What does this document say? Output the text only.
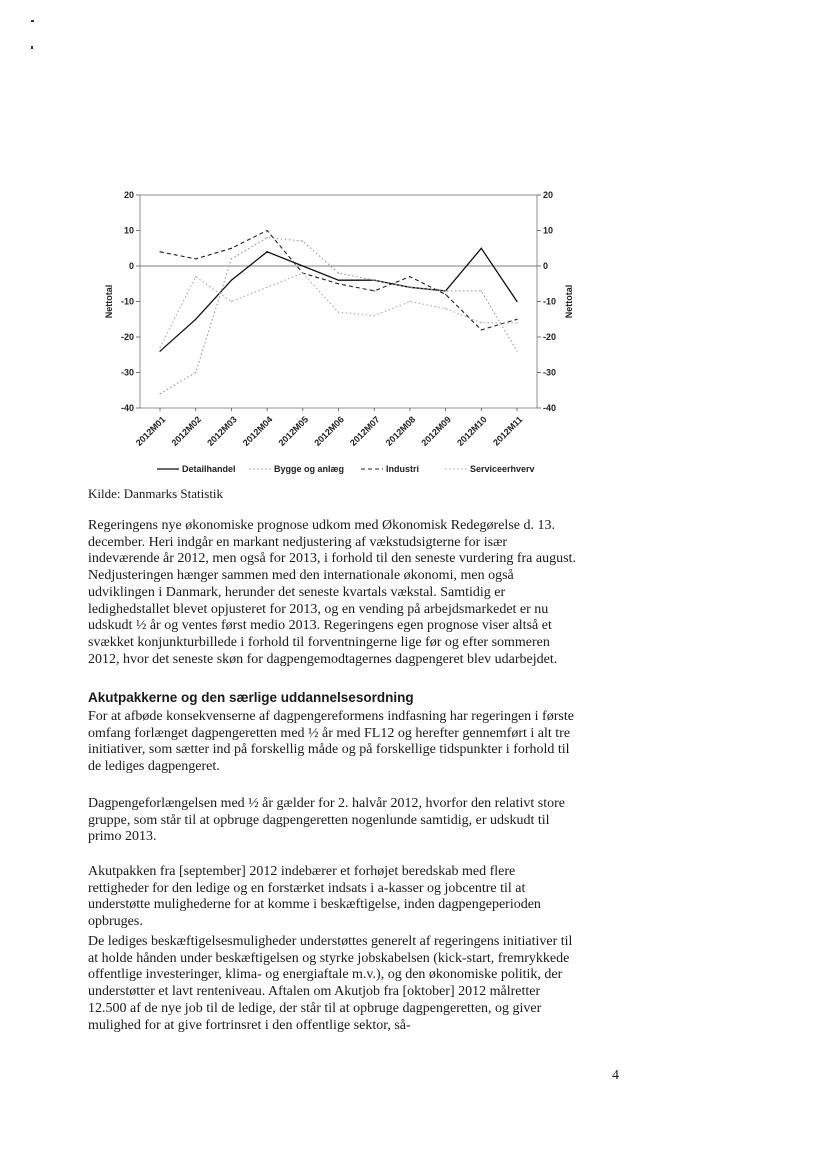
20	20
10	10
0	0
-10	-10
-20	-20
-30	-30
-40	-40
Nettotal	Nettotal
2012M01 2012M02 2012M03 2012M04 2012M05 2012M06 2012M07 2012M08 2012M09 2012M10 2012M11
Detailhandel	Bygge og anlæg	Industri	Serviceerhverv

Kilde: Danmarks Statistik

Regeringens nye økonomiske prognose udkom med Økonomisk Redegørelse d. 13. december. Heri indgår en markant nedjustering af vækstudsigterne for især indeværende år 2012, men også for 2013, i forhold til den seneste vurdering fra august. Nedjusteringen hænger sammen med den internationale økonomi, men også udviklingen i Danmark, herunder det seneste kvartals vækstal. Samtidig er ledighedstallet blevet opjusteret for 2013, og en vending på arbejdsmarkedet er nu udskudt ½ år og ventes først medio 2013. Regeringens egen prognose viser altså et svækket konjunkturbillede i forhold til forventningerne lige før og efter sommeren 2012, hvor det seneste skøn for dagpengemodtagernes dagpengeret blev udarbejdet.

Akutpakkerne og den særlige uddannelsesordning

For at afbøde konsekvenserne af dagpengereformens indfasning har regeringen i første omfang forlænget dagpengeretten med ½ år med FL12 og herefter gennemført i alt tre initiativer, som sætter ind på forskellig måde og på forskellige tidspunkter i forhold til de lediges dagpengeret.

Dagpengeforlængelsen med ½ år gælder for 2. halvår 2012, hvorfor den relativt store gruppe, som står til at opbruge dagpengeretten nogenlunde samtidig, er udskudt til primo 2013.

Akutpakken fra [september] 2012 indebærer et forhøjet beredskab med flere rettigheder for den ledige og en forstærket indsats i a-kasser og jobcentre til at understøtte mulighederne for at komme i beskæftigelse, inden dagpengeperioden opbruges.

De lediges beskæftigelsesmuligheder understøttes generelt af regeringens initiativer til at holde hånden under beskæftigelsen og styrke jobskabelsen (kick-start, fremrykkede offentlige investeringer, klima- og energiaftale m.v.), og den økonomiske politik, der understøtter et lavt renteniveau. Aftalen om Akutjob fra [oktober] 2012 målretter 12.500 af de nye job til de ledige, der står til at opbruge dagpengeretten, og giver mulighed for at give fortrinsret i den offentlige sektor, så-

4
